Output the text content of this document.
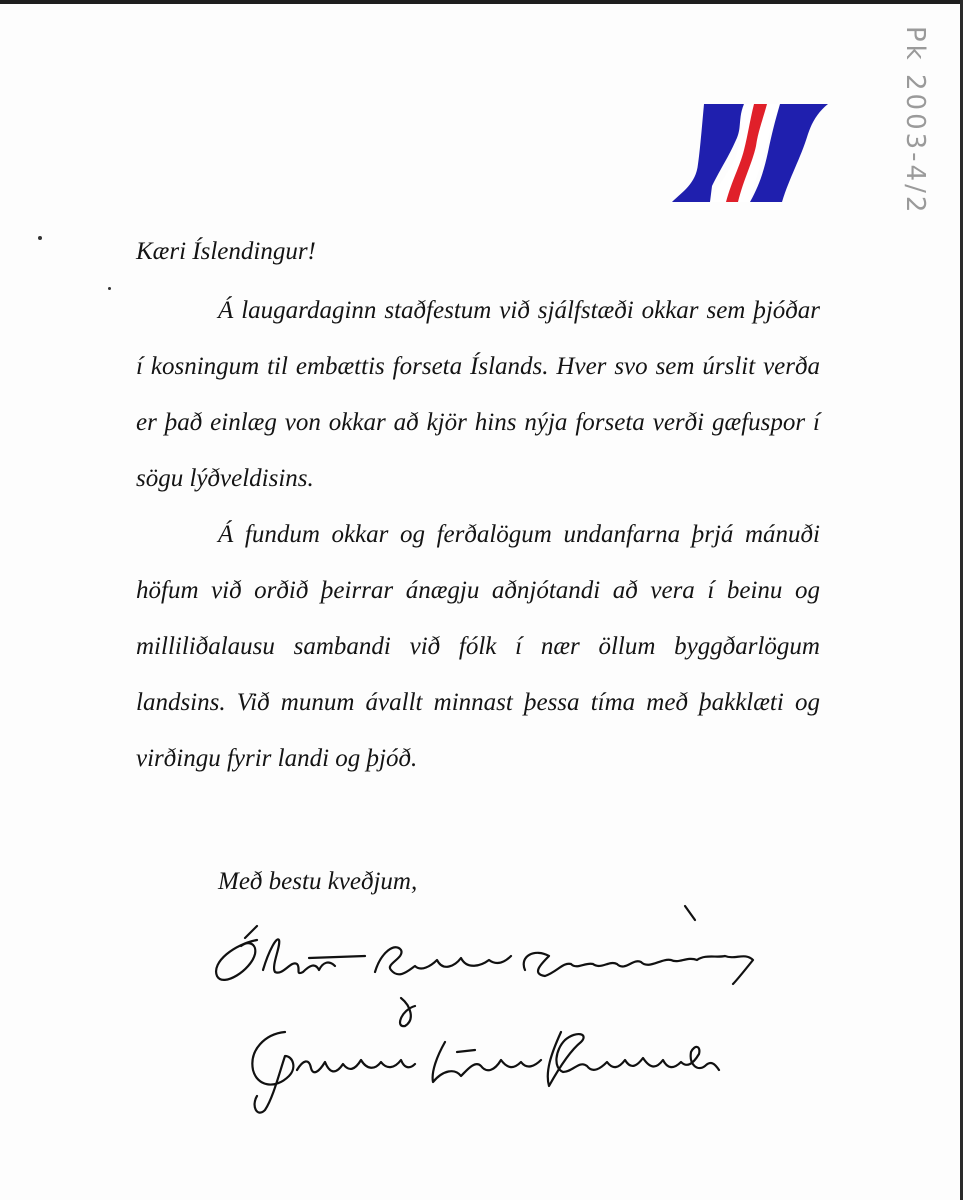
Pk 2003-4/2
Kæri Íslendingur!

Á laugardaginn staðfestum við sjálfstæði okkar sem þjóðar í kosningum til embættis forseta Íslands. Hver svo sem úrslit verða er það einlæg von okkar að kjör hins nýja forseta verði gæfuspor í sögu lýðveldisins.

Á fundum okkar og ferðalögum undanfarna þrjá mánuði höfum við orðið þeirrar ánægju aðnjótandi að vera í beinu og milliliðalausu sambandi við fólk í nær öllum byggðarlögum landsins. Við munum ávallt minnast þessa tíma með þakklæti og virðingu fyrir landi og þjóð.

Með bestu kveðjum,
